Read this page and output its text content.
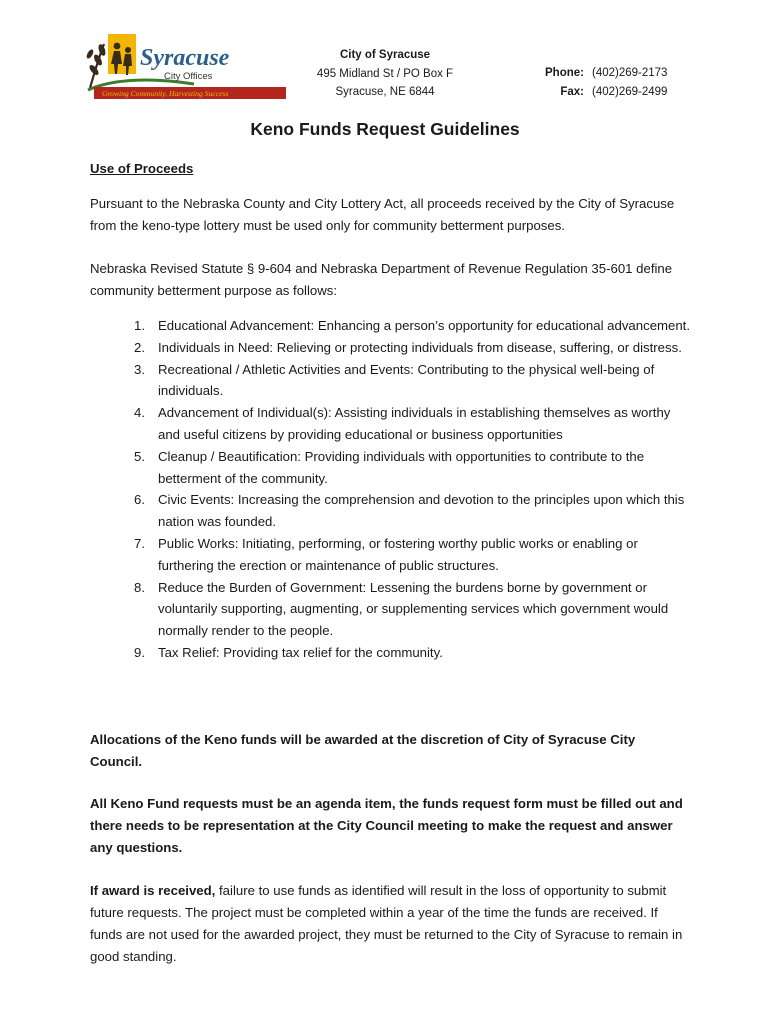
Growing Community, Harvesting Success
Syracuse
City Offices
City of Syracuse
495 Midland St / PO Box F
Syracuse, NE 6844
Phone: (402)269-2173
Fax: (402)269-2499
Keno Funds Request Guidelines
Use of Proceeds
Pursuant to the Nebraska County and City Lottery Act, all proceeds received by the City of Syracuse from the keno-type lottery must be used only for community betterment purposes.
Nebraska Revised Statute § 9-604 and Nebraska Department of Revenue Regulation 35-601 define community betterment purpose as follows:
1. Educational Advancement: Enhancing a person’s opportunity for educational advancement.
2. Individuals in Need: Relieving or protecting individuals from disease, suffering, or distress.
3. Recreational / Athletic Activities and Events: Contributing to the physical well-being of individuals.
4. Advancement of Individual(s): Assisting individuals in establishing themselves as worthy and useful citizens by providing educational or business opportunities
5. Cleanup / Beautification: Providing individuals with opportunities to contribute to the betterment of the community.
6. Civic Events: Increasing the comprehension and devotion to the principles upon which this nation was founded.
7. Public Works: Initiating, performing, or fostering worthy public works or enabling or furthering the erection or maintenance of public structures.
8. Reduce the Burden of Government: Lessening the burdens borne by government or voluntarily supporting, augmenting, or supplementing services which government would normally render to the people.
9. Tax Relief: Providing tax relief for the community.
Allocations of the Keno funds will be awarded at the discretion of City of Syracuse City Council.
All Keno Fund requests must be an agenda item, the funds request form must be filled out and there needs to be representation at the City Council meeting to make the request and answer any questions.
If award is received, failure to use funds as identified will result in the loss of opportunity to submit future requests. The project must be completed within a year of the time the funds are received. If funds are not used for the awarded project, they must be returned to the City of Syracuse to remain in good standing.
